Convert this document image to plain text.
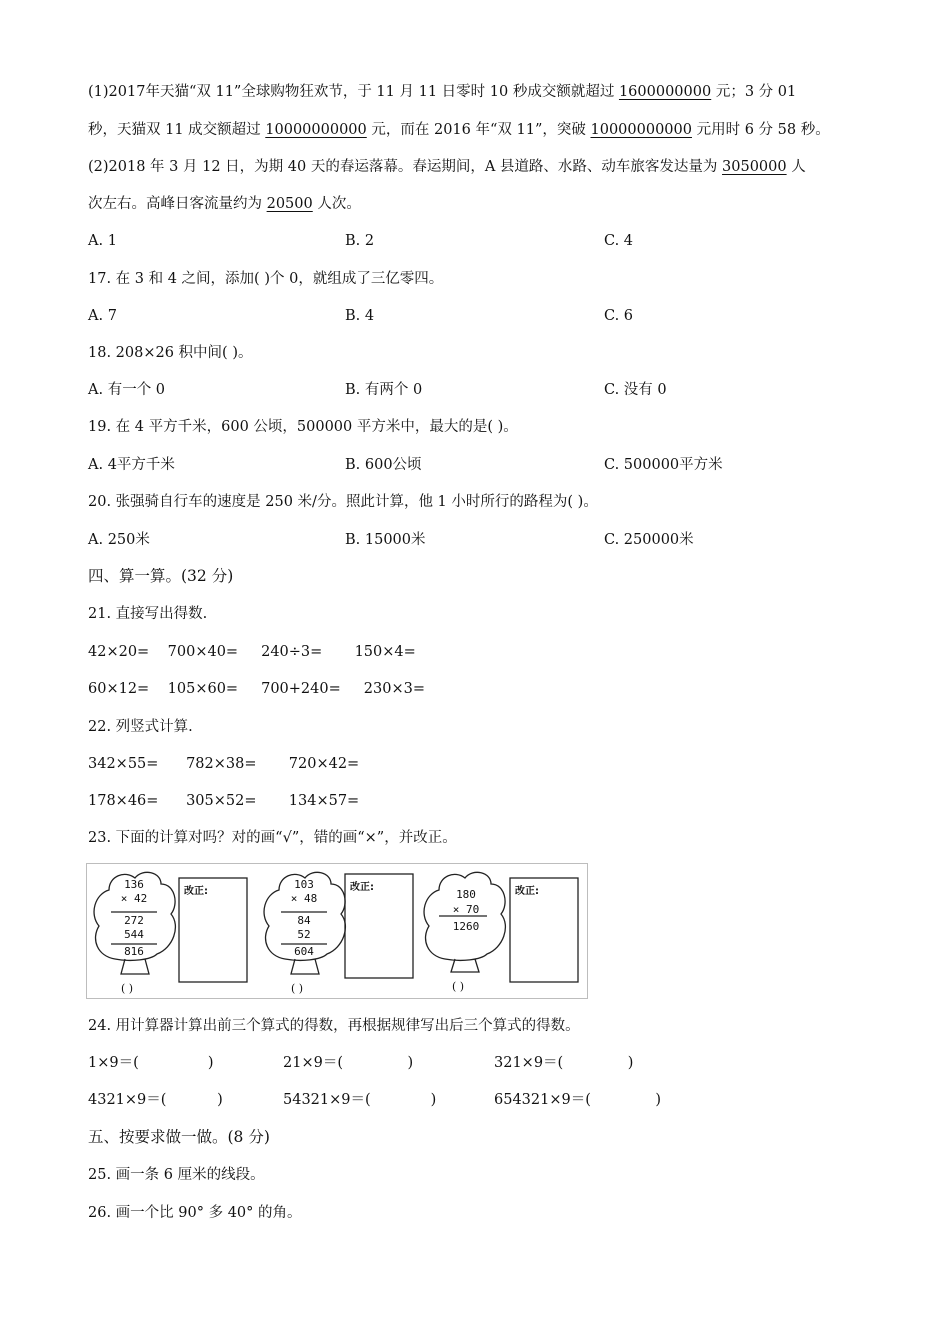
(1)2017年天猫“双 11”全球购物狂欢节，于 11 月 11 日零时 10 秒成交额就超过 1600000000 元；3 分 01
秒，天猫双 11 成交额超过 10000000000 元，而在 2016 年“双 11”，突破 10000000000 元用时 6 分 58 秒。
(2)2018 年 3 月 12 日，为期 40 天的春运落幕。春运期间，A 县道路、水路、动车旅客发达量为 3050000 人
次左右。高峰日客流量约为 20500 人次。
A. 1	B. 2	C. 4
17. 在 3 和 4 之间，添加( )个 0，就组成了三亿零四。
A. 7	B. 4	C. 6
18. 208×26 积中间( )。
A. 有一个 0	B. 有两个 0	C. 没有 0
19. 在 4 平方千米，600 公顷，500000 平方米中，最大的是( )。
A. 4平方千米	B. 600公顷	C. 500000平方米
20. 张强骑自行车的速度是 250 米/分。照此计算，他 1 小时所行的路程为( )。
A. 250米	B. 15000米	C. 250000米
四、算一算。(32 分)
21. 直接写出得数.
42×20=    700×40=     240÷3=       150×4=
60×12=    105×60=     700+240=     230×3=
22. 列竖式计算.
342×55=      782×38=       720×42=
178×46=      305×52=       134×57=
23. 下面的计算对吗？对的画“√”，错的画“×”，并改正。
136
× 42
272
544
816
103
× 48
84
52
604
180
× 70
1260
改正:	改正:	改正:
( )	( )	( )
24. 用计算器计算出前三个算式的得数，再根据规律写出后三个算式的得数。
1×9＝(               )	21×9＝(              )	321×9＝(              )
4321×9＝(           )	54321×9＝(             )	654321×9＝(              )
五、按要求做一做。(8 分)
25. 画一条 6 厘米的线段。
26. 画一个比 90° 多 40° 的角。
